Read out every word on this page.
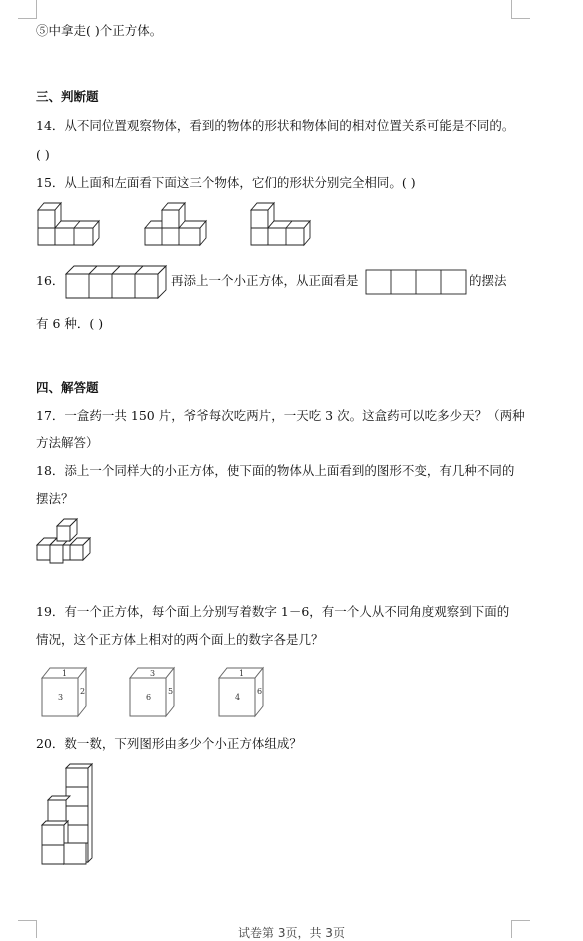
⑤中拿走( )个正方体。
三、判断题
14．从不同位置观察物体，看到的物体的形状和物体间的相对位置关系可能是不同的。
( )
15．从上面和左面看下面这三个物体，它们的形状分别完全相同。( )
16．	再添上一个小正方体，从正面看是	的摆法
有 6 种．( )
四、解答题
17．一盒药一共 150 片，爷爷每次吃两片，一天吃 3 次。这盒药可以吃多少天？（两种
方法解答）
18．添上一个同样大的小正方体，使下面的物体从上面看到的图形不变，有几种不同的
摆法？
1
3
2
3
6
5
1
4
6
19．有一个正方体，每个面上分别写着数字 1－6，有一个人从不同角度观察到下面的
情况，这个正方体上相对的两个面上的数字各是几？
20．数一数，下列图形由多少个小正方体组成？
试卷第 3页，共 3页
